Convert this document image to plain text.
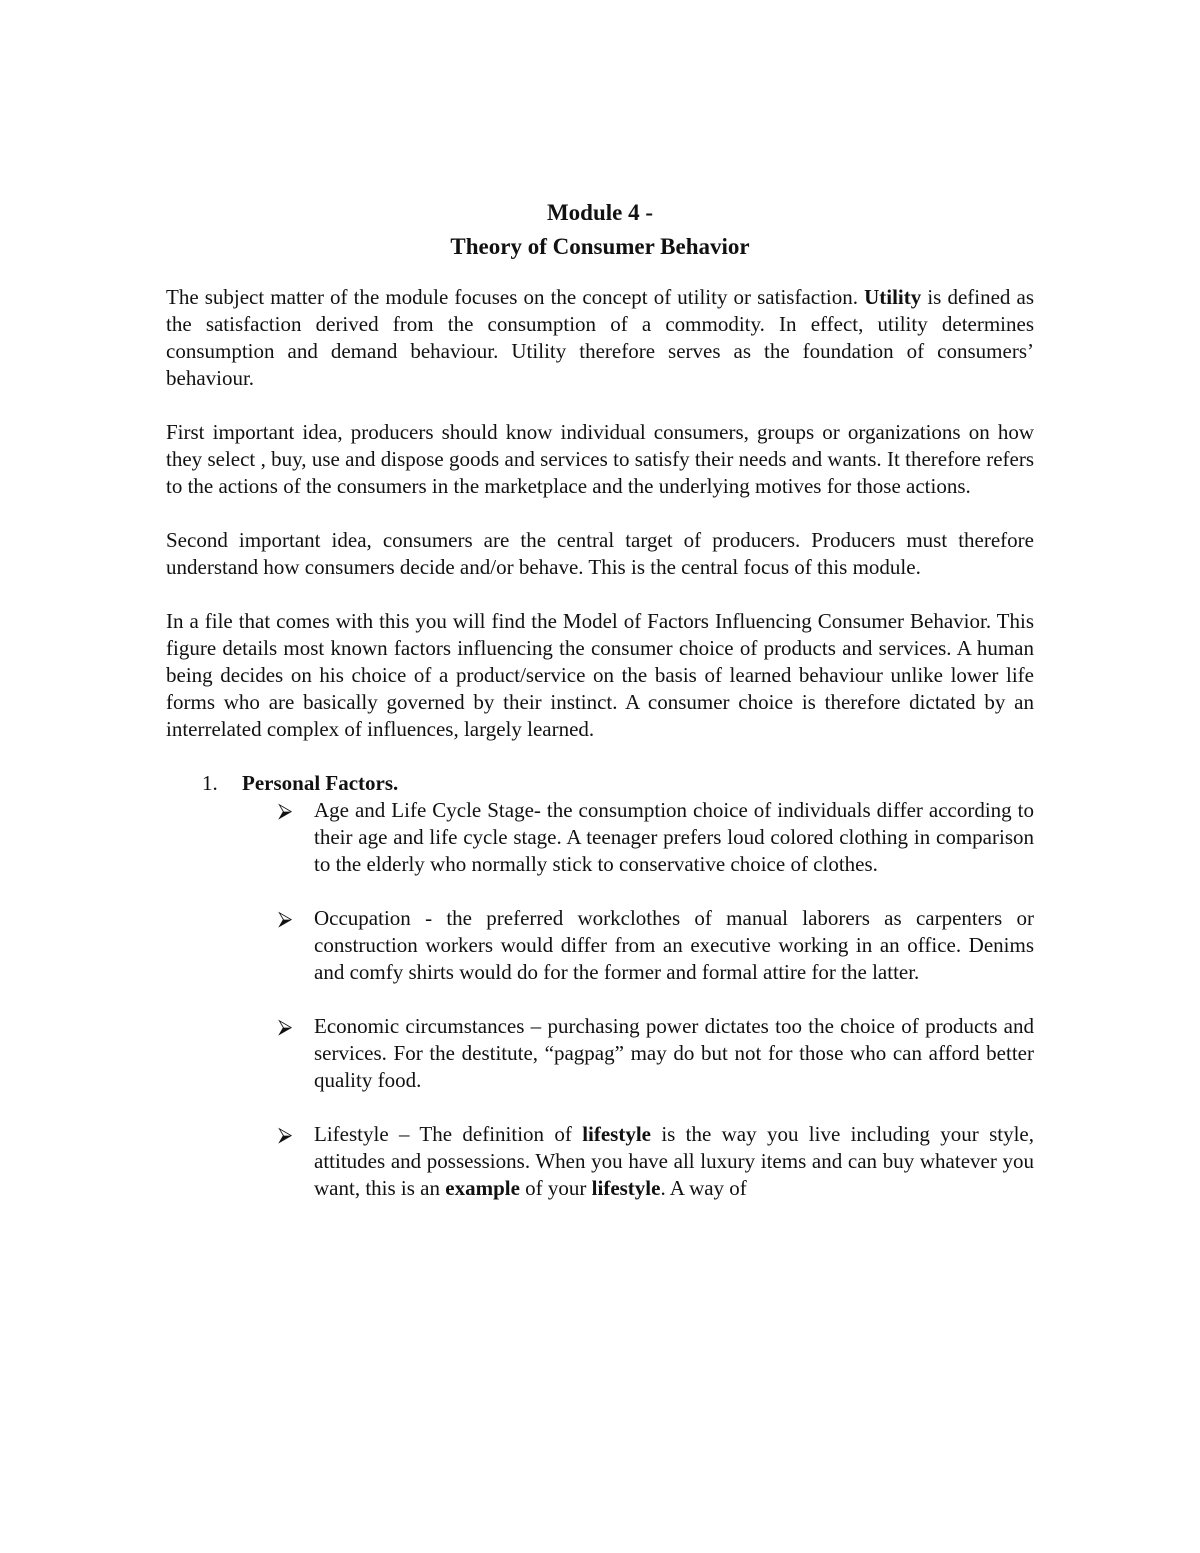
Module 4 -

Theory of Consumer Behavior

The subject matter of the module focuses on the concept of utility or satisfaction. Utility is defined as the satisfaction derived from the consumption of a commodity. In effect, utility determines consumption and demand behaviour. Utility therefore serves as the foundation of consumers’ behaviour.

First important idea, producers should know individual consumers, groups or organizations on how they select , buy, use and dispose goods and services to satisfy their needs and wants. It therefore refers to the actions of the consumers in the marketplace and the underlying motives for those actions.

Second important idea, consumers are the central target of producers. Producers must therefore understand how consumers decide and/or behave. This is the central focus of this module.

In a file that comes with this you will find the Model of Factors Influencing Consumer Behavior. This figure details most known factors influencing the consumer choice of products and services. A human being decides on his choice of a product/service on the basis of learned behaviour unlike lower life forms who are basically governed by their instinct. A consumer choice is therefore dictated by an interrelated complex of influences, largely learned.

1. Personal Factors.
⮚ Age and Life Cycle Stage- the consumption choice of individuals differ according to their age and life cycle stage. A teenager prefers loud colored clothing in comparison to the elderly who normally stick to conservative choice of clothes.
⮚ Occupation - the preferred workclothes of manual laborers as carpenters or construction workers would differ from an executive working in an office. Denims and comfy shirts would do for the former and formal attire for the latter.
⮚ Economic circumstances – purchasing power dictates too the choice of products and services. For the destitute, “pagpag” may do but not for those who can afford better quality food.
⮚ Lifestyle – The definition of lifestyle is the way you live including your style, attitudes and possessions. When you have all luxury items and can buy whatever you want, this is an example of your lifestyle. A way of
